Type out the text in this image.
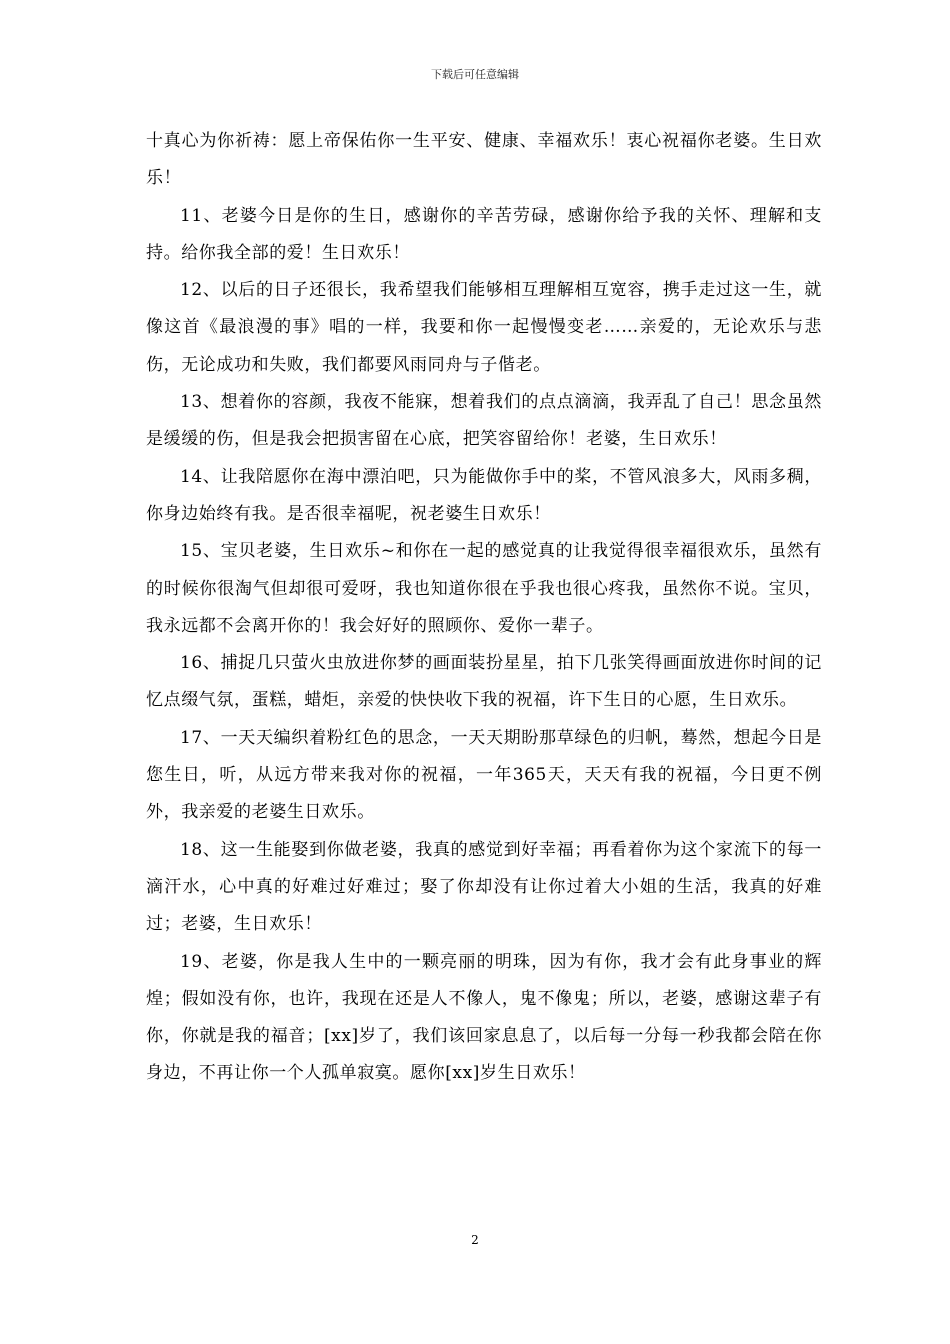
下载后可任意编辑

十真心为你祈祷：愿上帝保佑你一生平安、健康、幸福欢乐！衷心祝福你老婆。生日欢乐！

11、老婆今日是你的生日，感谢你的辛苦劳碌，感谢你给予我的关怀、理解和支持。给你我全部的爱！生日欢乐！

12、以后的日子还很长，我希望我们能够相互理解相互宽容，携手走过这一生，就像这首《最浪漫的事》唱的一样，我要和你一起慢慢变老……亲爱的，无论欢乐与悲伤，无论成功和失败，我们都要风雨同舟与子偕老。

13、想着你的容颜，我夜不能寐，想着我们的点点滴滴，我弄乱了自己！思念虽然是缓缓的伤，但是我会把损害留在心底，把笑容留给你！老婆，生日欢乐！

14、让我陪愿你在海中漂泊吧，只为能做你手中的桨，不管风浪多大，风雨多稠，你身边始终有我。是否很幸福呢，祝老婆生日欢乐！

15、宝贝老婆，生日欢乐~和你在一起的感觉真的让我觉得很幸福很欢乐，虽然有的时候你很淘气但却很可爱呀，我也知道你很在乎我也很心疼我，虽然你不说。宝贝，我永远都不会离开你的！我会好好的照顾你、爱你一辈子。

16、捕捉几只萤火虫放进你梦的画面装扮星星，拍下几张笑得画面放进你时间的记忆点缀气氛，蛋糕，蜡炬，亲爱的快快收下我的祝福，许下生日的心愿，生日欢乐。

17、一天天编织着粉红色的思念，一天天期盼那草绿色的归帆，蓦然，想起今日是您生日，听，从远方带来我对你的祝福，一年365天，天天有我的祝福，今日更不例外，我亲爱的老婆生日欢乐。

18、这一生能娶到你做老婆，我真的感觉到好幸福；再看着你为这个家流下的每一滴汗水，心中真的好难过好难过；娶了你却没有让你过着大小姐的生活，我真的好难过；老婆，生日欢乐！

19、老婆，你是我人生中的一颗亮丽的明珠，因为有你，我才会有此身事业的辉煌；假如没有你，也许，我现在还是人不像人，鬼不像鬼；所以，老婆，感谢这辈子有你，你就是我的福音；[xx]岁了，我们该回家息息了，以后每一分每一秒我都会陪在你身边，不再让你一个人孤单寂寞。愿你[xx]岁生日欢乐！

2
